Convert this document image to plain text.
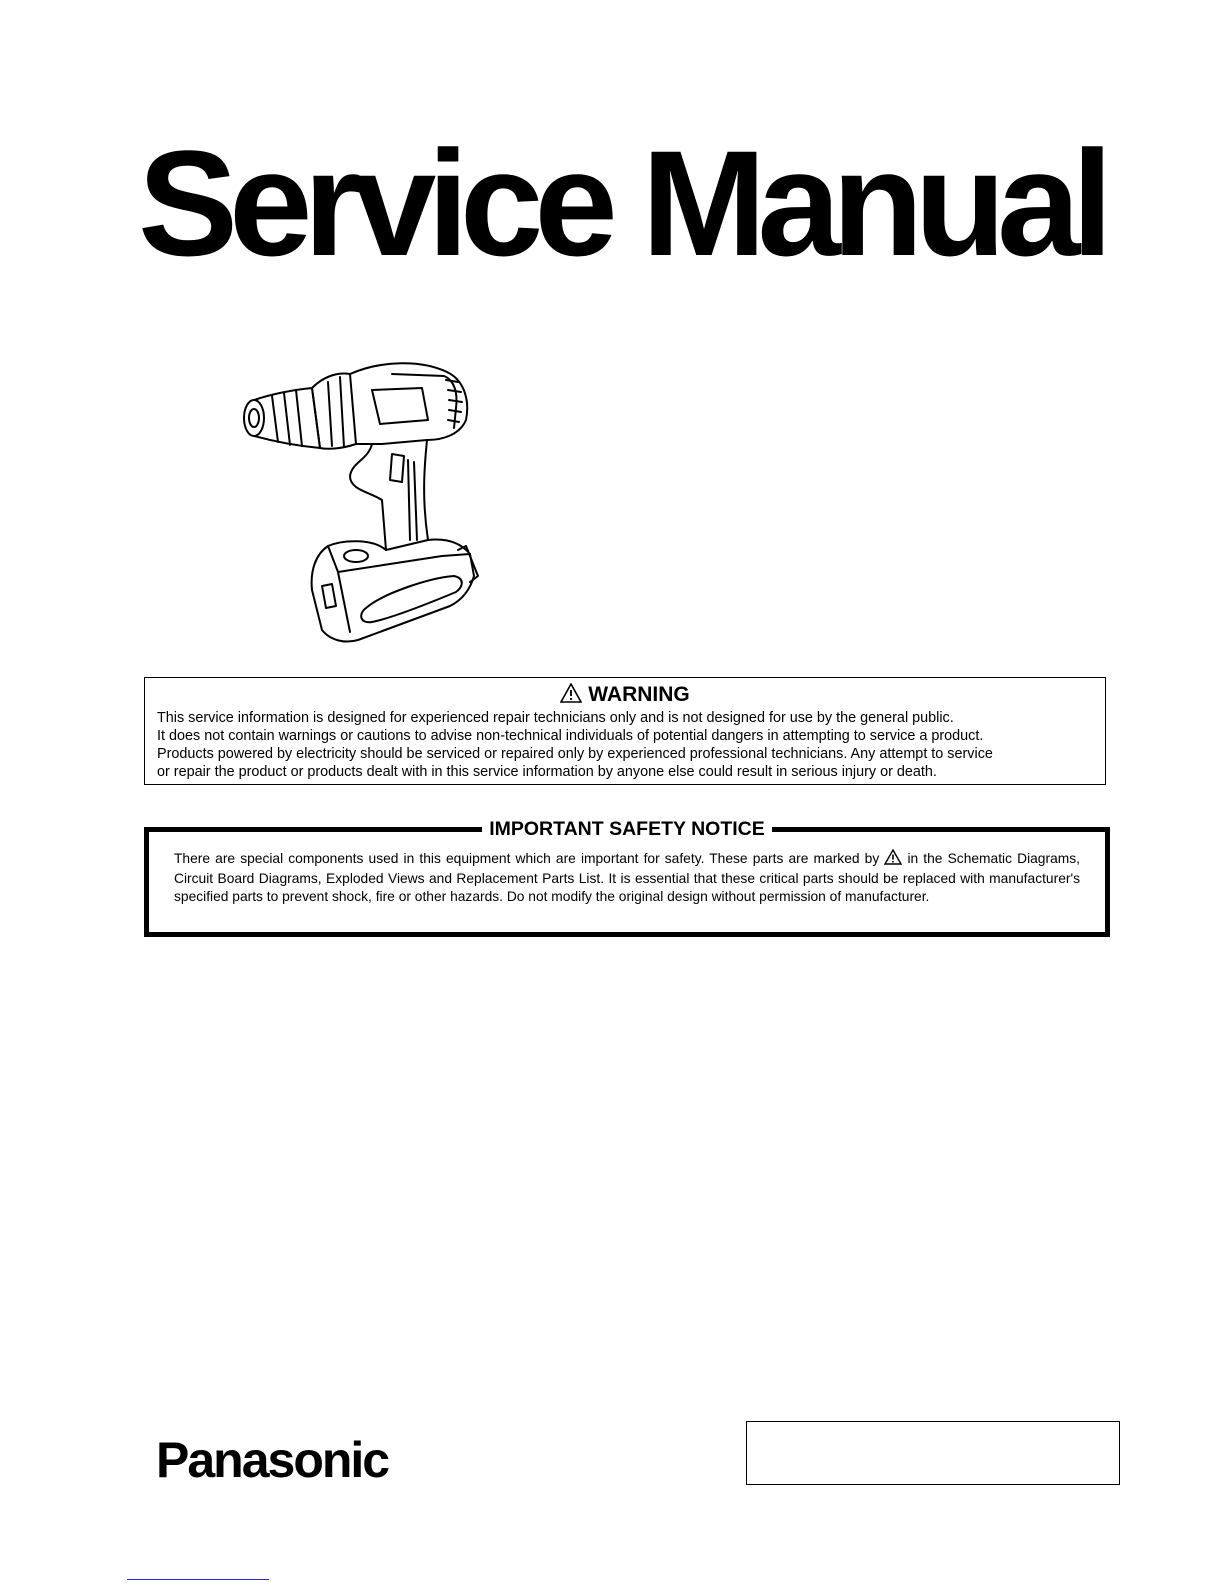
Service Manual
WARNING
This service information is designed for experienced repair technicians only and is not designed for use by the general public.
It does not contain warnings or cautions to advise non-technical individuals of potential dangers in attempting to service a product.
Products powered by electricity should be serviced or repaired only by experienced professional technicians. Any attempt to service
or repair the product or products dealt with in this service information by anyone else could result in serious injury or death.
IMPORTANT SAFETY NOTICE
There are special components used in this equipment which are important for safety. These parts are marked by in the Schematic Diagrams, Circuit Board Diagrams, Exploded Views and Replacement Parts List. It is essential that these critical parts should be replaced with manufacturer's specified parts to prevent shock, fire or other hazards. Do not modify the original design without permission of manufacturer.
Panasonic
